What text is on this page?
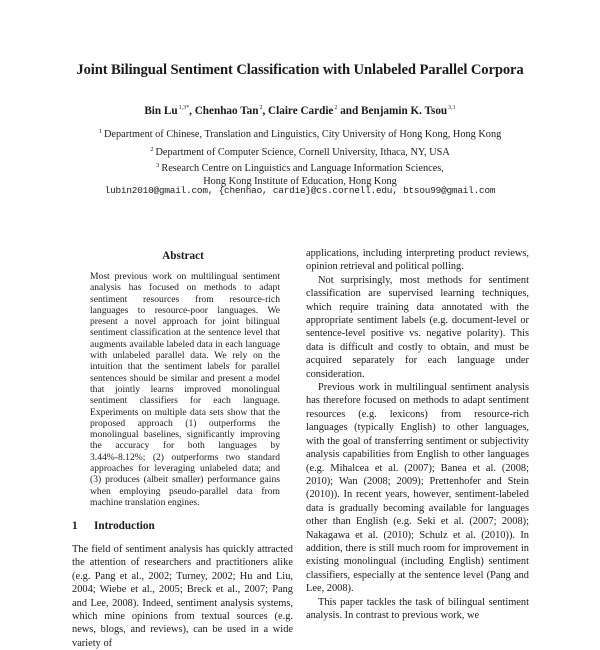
Joint Bilingual Sentiment Classification with Unlabeled Parallel Corpora
Bin $Lu^{1,3*}$, Chenhao Tan$^2$, Claire Cardie$^2$ and Benjamin K. Tsou$^{3,1}$
$^1$ Department of Chinese, Translation and Linguistics, City University of Hong Kong, Hong Kong
$^2$ Department of Computer Science, Cornell University, Ithaca, NY, USA
$^3$ Research Centre on Linguistics and Language Information Sciences,
Hong Kong Institute of Education, Hong Kong
lubin2010@gmail.com, {chenhao, cardie}@cs.cornell.edu, btsou99@gmail.com
Abstract

Most previous work on multilingual sentiment analysis has focused on methods to adapt sentiment resources from resource-rich languages to resource-poor languages. We present a novel approach for joint bilingual sentiment classification at the sentence level that augments available labeled data in each language with unlabeled parallel data. We rely on the intuition that the sentiment labels for parallel sentences should be similar and present a model that jointly learns improved monolingual sentiment classifiers for each language. Experiments on multiple data sets show that the proposed approach (1) outperforms the monolingual baselines, significantly improving the accuracy for both languages by 3.44%-8.12%; (2) outperforms two standard approaches for leveraging unlabeled data; and (3) produces (albeit smaller) performance gains when employing pseudo-parallel data from machine translation engines.

1 Introduction

The field of sentiment analysis has quickly attracted the attention of researchers and practitioners alike (e.g. Pang et al., 2002; Turney, 2002; Hu and Liu, 2004; Wiebe et al., 2005; Breck et al., 2007; Pang and Lee, 2008). Indeed, sentiment analysis systems, which mine opinions from textual sources (e.g. news, blogs, and reviews), can be used in a wide variety of

applications, including interpreting product reviews, opinion retrieval and political polling.

Not surprisingly, most methods for sentiment classification are supervised learning techniques, which require training data annotated with the appropriate sentiment labels (e.g. document-level or sentence-level positive vs. negative polarity). This data is difficult and costly to obtain, and must be acquired separately for each language under consideration.

Previous work in multilingual sentiment analysis has therefore focused on methods to adapt sentiment resources (e.g. lexicons) from resource-rich languages (typically English) to other languages, with the goal of transferring sentiment or subjectivity analysis capabilities from English to other languages (e.g. Mihalcea et al. (2007); Banea et al. (2008; 2010); Wan (2008; 2009); Prettenhofer and Stein (2010)). In recent years, however, sentiment-labeled data is gradually becoming available for languages other than English (e.g. Seki et al. (2007; 2008); Nakagawa et al. (2010); Schulz et al. (2010)). In addition, there is still much room for improvement in existing monolingual (including English) sentiment classifiers, especially at the sentence level (Pang and Lee, 2008).

This paper tackles the task of bilingual sentiment analysis. In contrast to previous work, we
